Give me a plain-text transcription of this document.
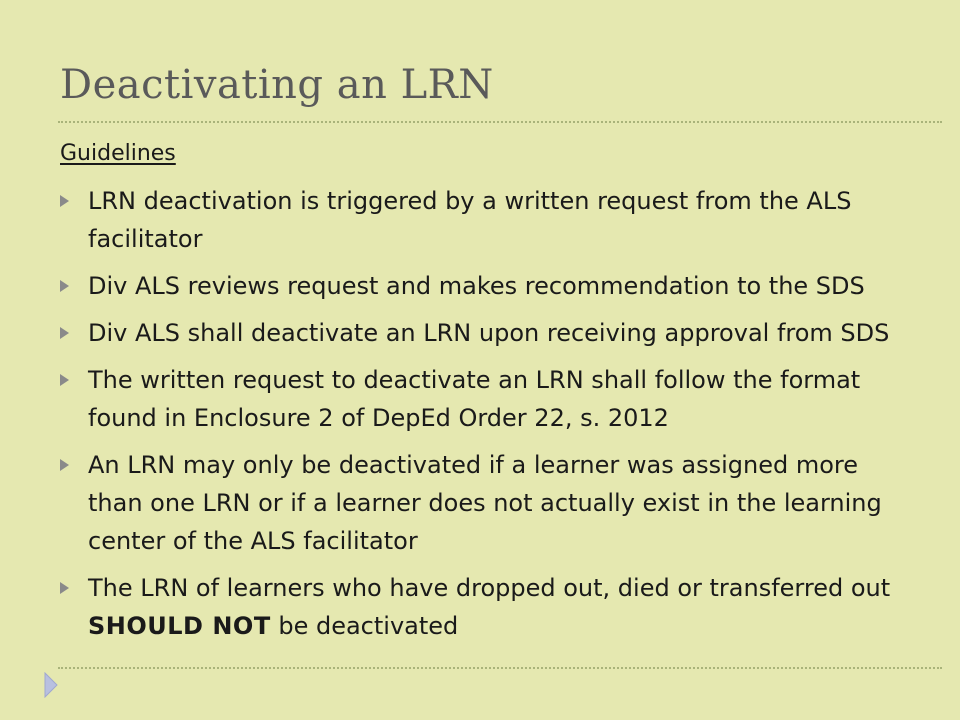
Deactivating an LRN

Guidelines

LRN deactivation is triggered by a written request from the ALS facilitator
Div ALS reviews request and makes recommendation to the SDS
Div ALS shall deactivate an LRN upon receiving approval from SDS
The written request to deactivate an LRN shall follow the format found in Enclosure 2 of DepEd Order 22, s. 2012
An LRN may only be deactivated if a learner was assigned more than one LRN or if a learner does not actually exist in the learning center of the ALS facilitator
The LRN of learners who have dropped out, died or transferred out SHOULD NOT be deactivated
